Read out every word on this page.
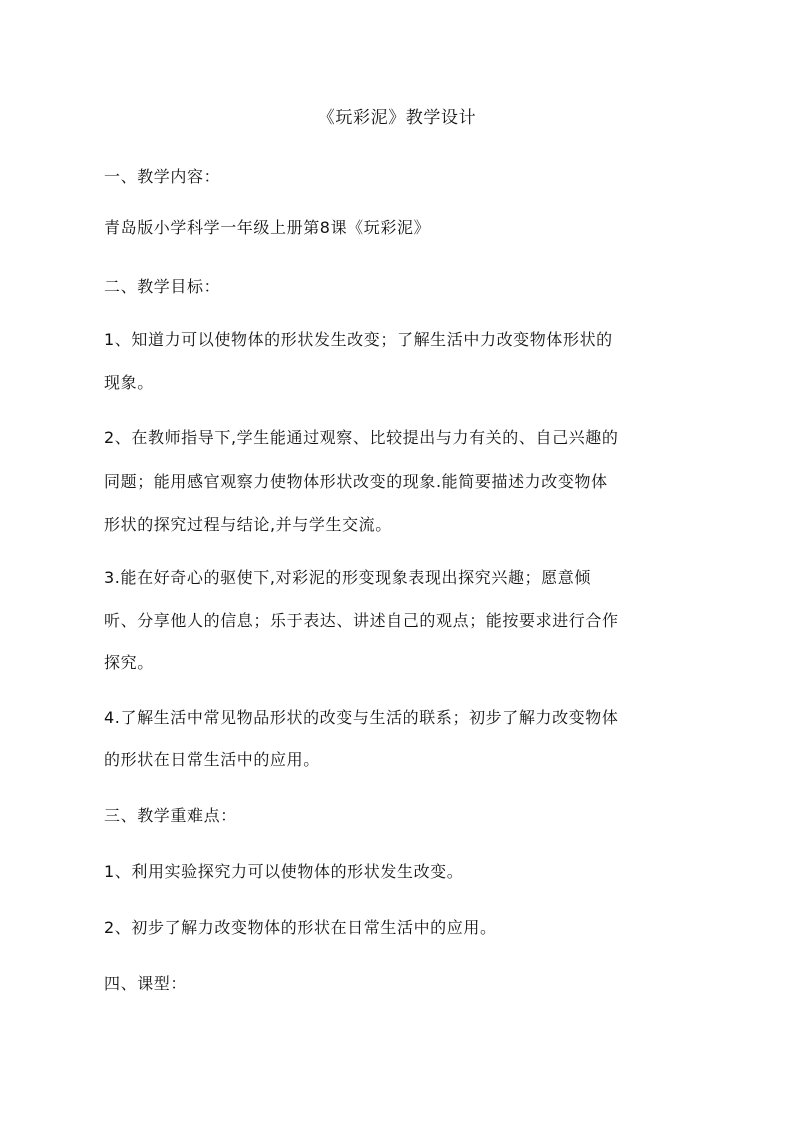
《玩彩泥》教学设计
一、教学内容：
青岛版小学科学一年级上册第8课《玩彩泥》
二、教学目标：
1、知道力可以使物体的形状发生改变；了解生活中力改变物体形状的
现象。
2、在教师指导下,学生能通过观察、比较提出与力有关的、自己兴趣的
同题；能用感官观察力使物体形状改变的现象.能简要描述力改变物体
形状的探究过程与结论,并与学生交流。
3.能在好奇心的驱使下,对彩泥的形变现象表现出探究兴趣；愿意倾
听、分享他人的信息；乐于表达、讲述自己的观点；能按要求进行合作
探究。
4.了解生活中常见物品形状的改变与生活的联系；初步了解力改变物体
的形状在日常生活中的应用。
三、教学重难点：
1、利用实验探究力可以使物体的形状发生改变。
2、初步了解力改变物体的形状在日常生活中的应用。
四、课型：
